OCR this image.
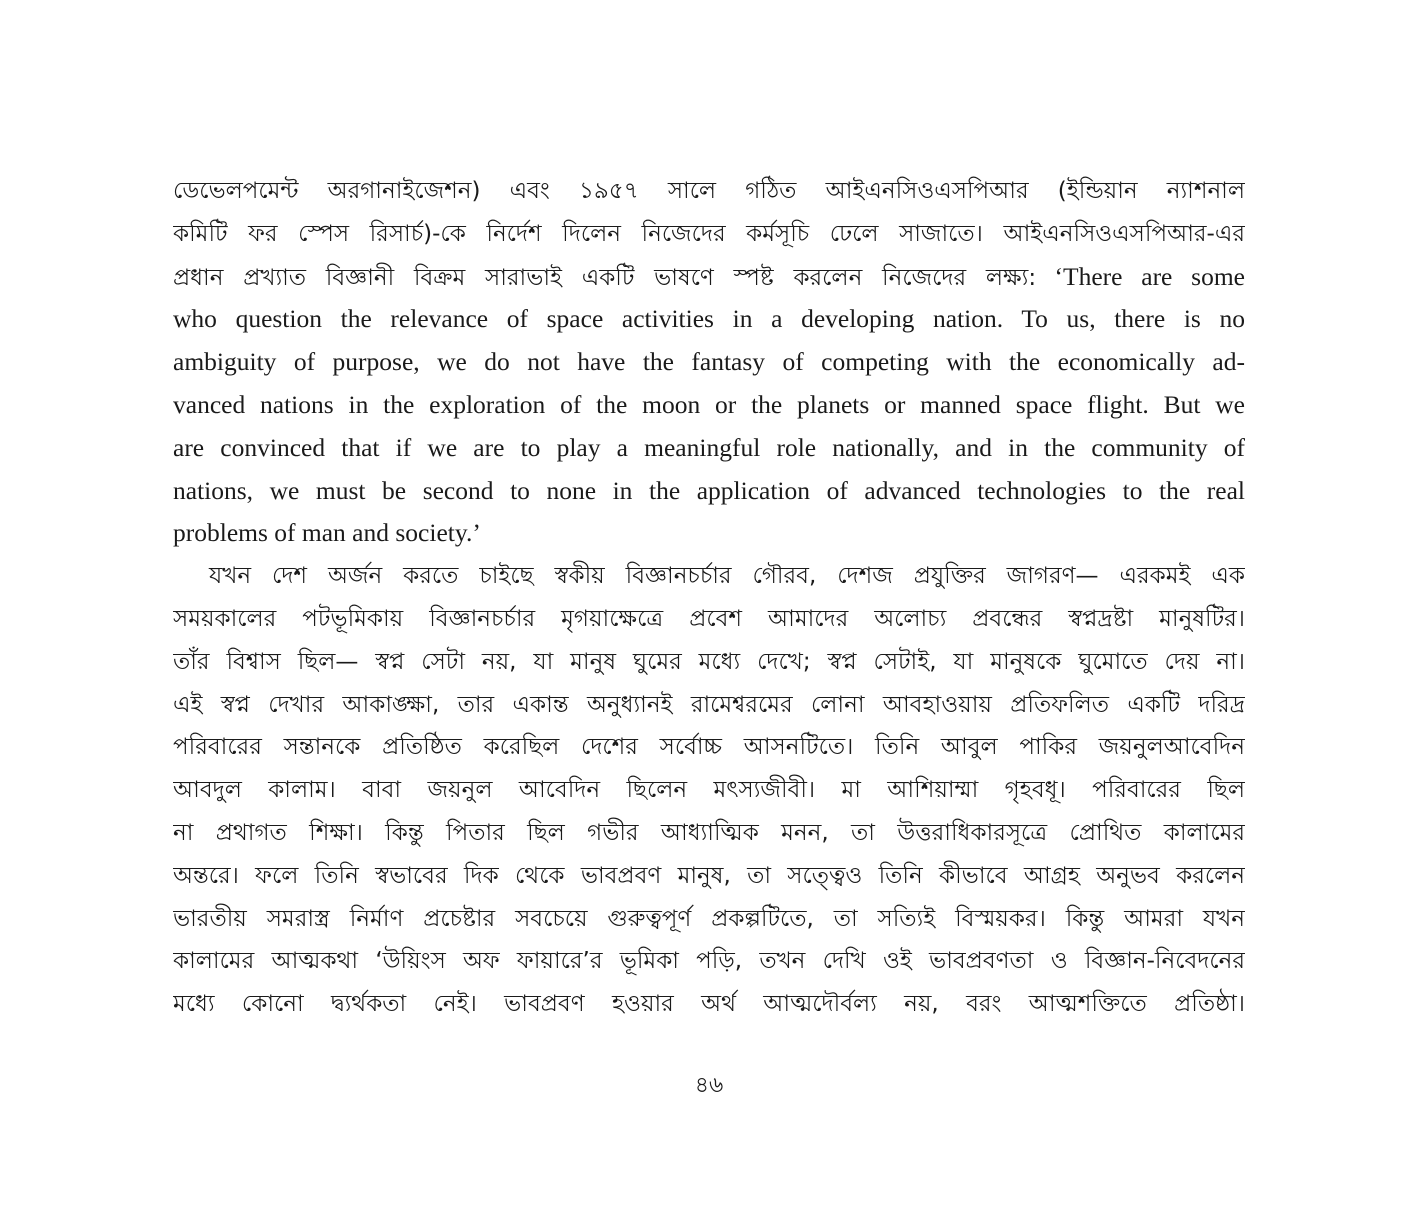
ডেভেলপমেন্ট অরগানাইজেশন) এবং ১৯৫৭ সালে গঠিত আইএনসিওএসপিআর (ইন্ডিয়ান ন্যাশনাল
কমিটি ফর স্পেস রিসার্চ)-কে নির্দেশ দিলেন নিজেদের কর্মসূচি ঢেলে সাজাতে। আইএনসিওএসপিআর-এর
প্রধান প্রখ্যাত বিজ্ঞানী বিক্রম সারাভাই একটি ভাষণে স্পষ্ট করলেন নিজেদের লক্ষ্য: ‘There are some
who question the relevance of space activities in a developing nation. To us, there is no
ambiguity of purpose, we do not have the fantasy of competing with the economically ad-
vanced nations in the exploration of the moon or the planets or manned space flight. But we
are convinced that if we are to play a meaningful role nationally, and in the community of
nations, we must be second to none in the application of advanced technologies to the real
problems of man and society.’
যখন দেশ অর্জন করতে চাইছে স্বকীয় বিজ্ঞানচর্চার গৌরব, দেশজ প্রযুক্তির জাগরণ— এরকমই এক
সময়কালের পটভূমিকায় বিজ্ঞানচর্চার মৃগয়াক্ষেত্রে প্রবেশ আমাদের অলোচ্য প্রবন্ধের স্বপ্নদ্রষ্টা মানুষটির।
তাঁর বিশ্বাস ছিল— স্বপ্ন সেটা নয়, যা মানুষ ঘুমের মধ্যে দেখে; স্বপ্ন সেটাই, যা মানুষকে ঘুমোতে দেয় না।
এই স্বপ্ন দেখার আকাঙ্ক্ষা, তার একান্ত অনুধ্যানই রামেশ্বরমের লোনা আবহাওয়ায় প্রতিফলিত একটি দরিদ্র
পরিবারের সন্তানকে প্রতিষ্ঠিত করেছিল দেশের সর্বোচ্চ আসনটিতে। তিনি আবুল পাকির জয়নুলআবেদিন
আবদুল কালাম। বাবা জয়নুল আবেদিন ছিলেন মৎস্যজীবী। মা আশিয়াম্মা গৃহবধূ। পরিবারের ছিল
না প্রথাগত শিক্ষা। কিন্তু পিতার ছিল গভীর আধ্যাত্মিক মনন, তা উত্তরাধিকারসূত্রে প্রোথিত কালামের
অন্তরে। ফলে তিনি স্বভাবের দিক থেকে ভাবপ্রবণ মানুষ, তা সত্ত্বেও তিনি কীভাবে আগ্রহ অনুভব করলেন
ভারতীয় সমরাস্ত্র নির্মাণ প্রচেষ্টার সবচেয়ে গুরুত্বপূর্ণ প্রকল্পটিতে, তা সত্যিই বিস্ময়কর। কিন্তু আমরা যখন
কালামের আত্মকথা ‘উয়িংস অফ ফায়ারে’র ভূমিকা পড়ি, তখন দেখি ওই ভাবপ্রবণতা ও বিজ্ঞান-নিবেদনের
মধ্যে কোনো দ্ব্যর্থকতা নেই। ভাবপ্রবণ হওয়ার অর্থ আত্মদৌর্বল্য নয়, বরং আত্মশক্তিতে প্রতিষ্ঠা।
৪৬
